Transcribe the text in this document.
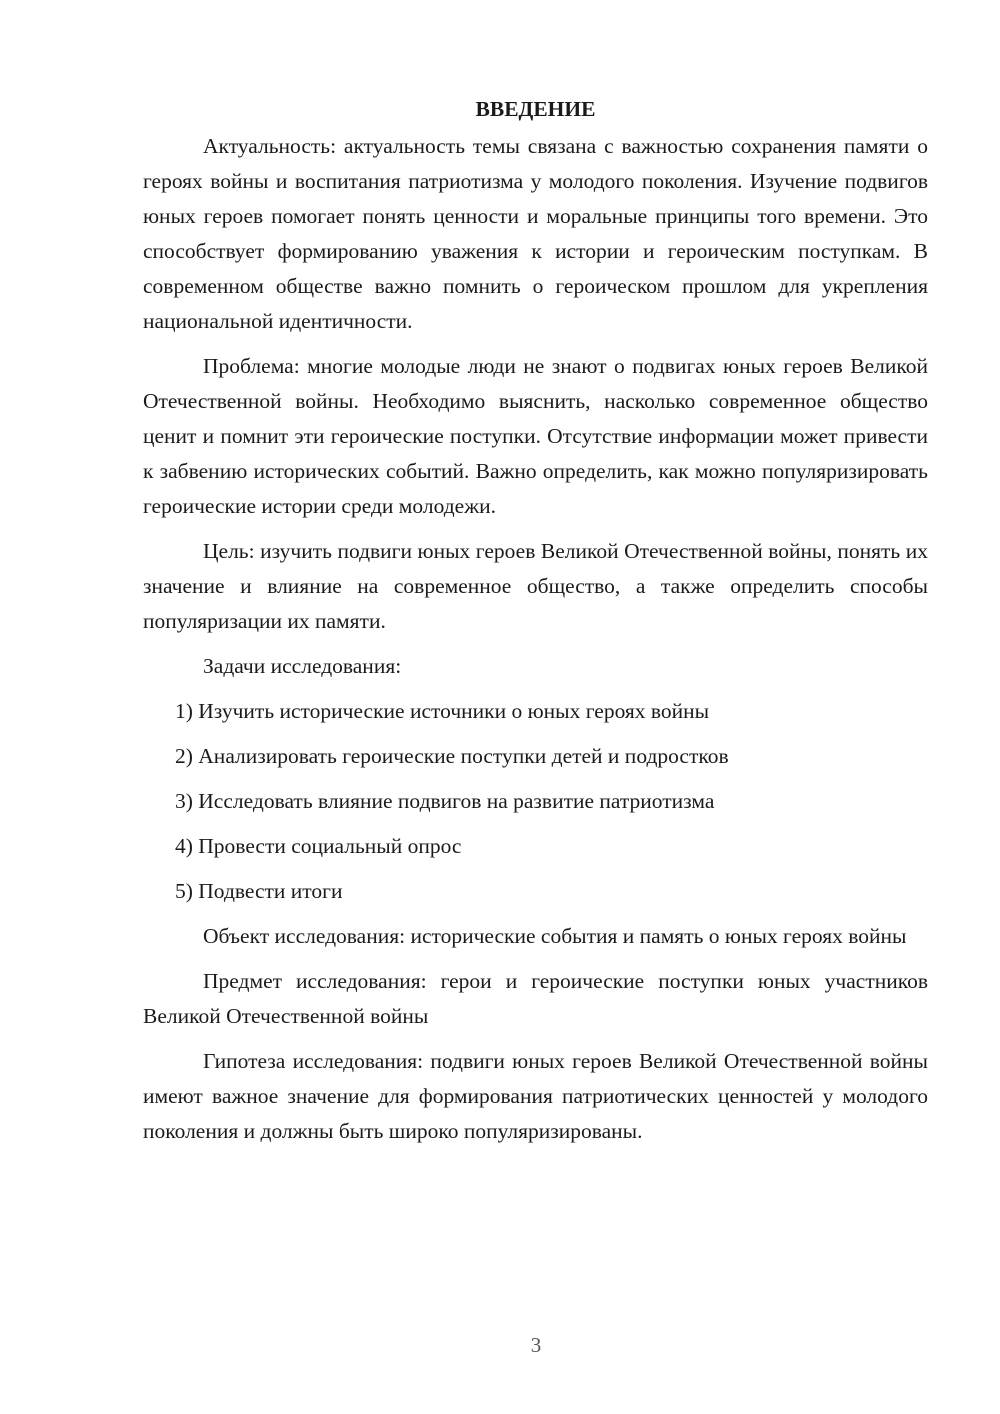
ВВЕДЕНИЕ

Актуальность: актуальность темы связана с важностью сохранения памяти о героях войны и воспитания патриотизма у молодого поколения. Изучение подвигов юных героев помогает понять ценности и моральные принципы того времени. Это способствует формированию уважения к истории и героическим поступкам. В современном обществе важно помнить о героическом прошлом для укрепления национальной идентичности.

Проблема: многие молодые люди не знают о подвигах юных героев Великой Отечественной войны. Необходимо выяснить, насколько современное общество ценит и помнит эти героические поступки. Отсутствие информации может привести к забвению исторических событий. Важно определить, как можно популяризировать героические истории среди молодежи.

Цель: изучить подвиги юных героев Великой Отечественной войны, понять их значение и влияние на современное общество, а также определить способы популяризации их памяти.

Задачи исследования:

1) Изучить исторические источники о юных героях войны
2) Анализировать героические поступки детей и подростков
3) Исследовать влияние подвигов на развитие патриотизма
4) Провести социальный опрос
5) Подвести итоги

Объект исследования: исторические события и память о юных героях войны

Предмет исследования: герои и героические поступки юных участников Великой Отечественной войны

Гипотеза исследования: подвиги юных героев Великой Отечественной войны имеют важное значение для формирования патриотических ценностей у молодого поколения и должны быть широко популяризированы.

3
